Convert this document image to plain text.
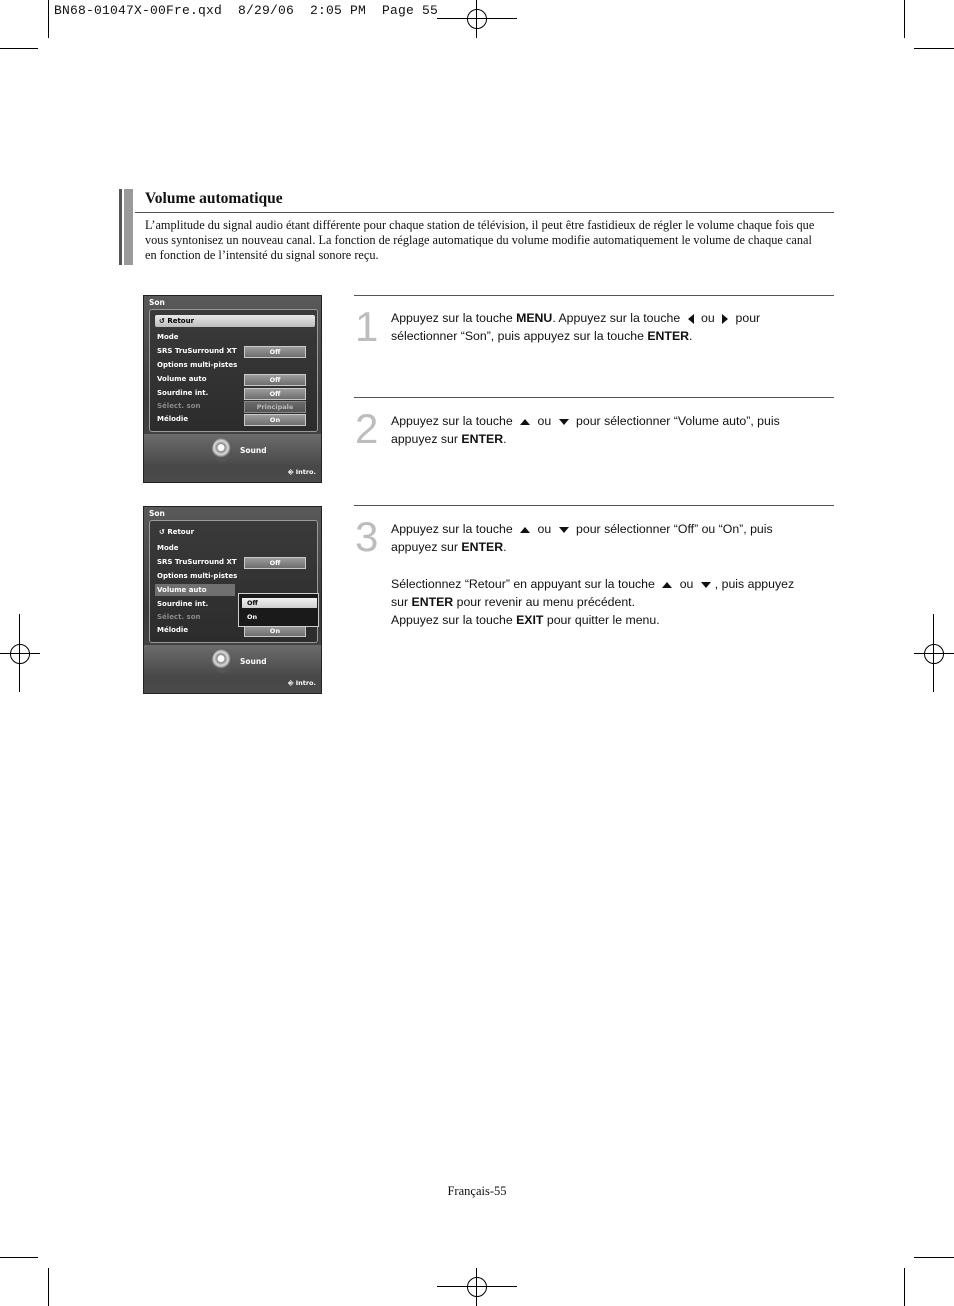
BN68-01047X-00Fre.qxd  8/29/06  2:05 PM  Page 55
Volume automatique
L’amplitude du signal audio étant différente pour chaque station de télévision, il peut être fastidieux de régler le volume chaque fois que vous syntonisez un nouveau canal. La fonction de réglage automatique du volume modifie automatiquement le volume de chaque canal en fonction de l’intensité du signal sonore reçu.
Son
↺ Retour
Mode
SRS TruSurround XT	Off
Options multi-pistes
Volume auto	Off
Sourdine int.	Off
Sélect. son	Principale
Mélodie	On
Sound
⎆ Intro.
Son
↺ Retour
Mode
SRS TruSurround XT	Off
Options multi-pistes
Volume auto
Sourdine int.
Sélect. son
Mélodie	On
Off
On
Sound
⎆ Intro.
1 Appuyez sur la touche MENU. Appuyez sur la touche  ou  pour sélectionner “Son”, puis appuyez sur la touche ENTER.
2 Appuyez sur la touche  ou  pour sélectionner “Volume auto”, puis appuyez sur ENTER.
3 Appuyez sur la touche  ou  pour sélectionner “Off” ou “On”, puis appuyez sur ENTER.
Sélectionnez “Retour” en appuyant sur la touche  ou , puis appuyez sur ENTER pour revenir au menu précédent.
Appuyez sur la touche EXIT pour quitter le menu.
Français-55
